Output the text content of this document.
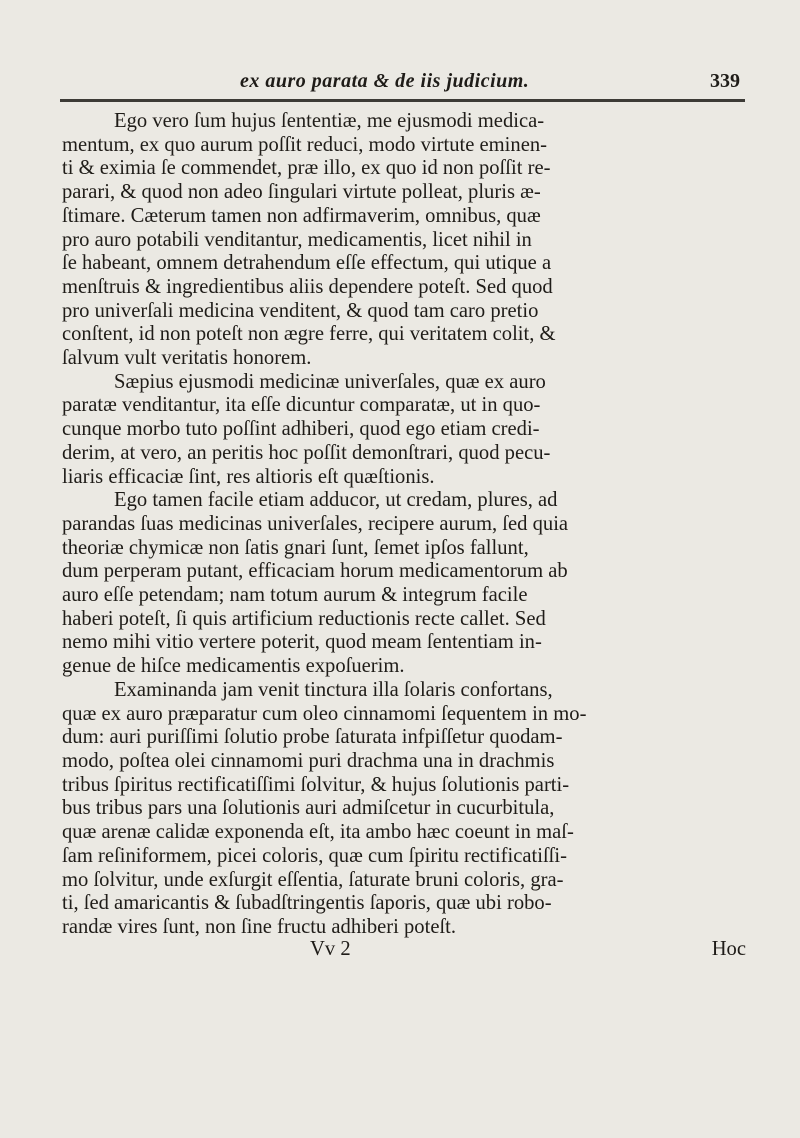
ex auro parata & de iis judicium.	339
Ego vero ſum hujus ſententiæ, me ejusmodi medica-
mentum, ex quo aurum poſſit reduci, modo virtute eminen-
ti & eximia ſe commendet, præ illo, ex quo id non poſſit re-
parari, & quod non adeo ſingulari virtute polleat, pluris æ-
ſtimare. Cæterum tamen non adfirmaverim, omnibus, quæ
pro auro potabili venditantur, medicamentis, licet nihil in
ſe habeant, omnem detrahendum eſſe effectum, qui utique a
menſtruis & ingredientibus aliis dependere poteſt. Sed quod
pro univerſali medicina venditent, & quod tam caro pretio
conſtent, id non poteſt non ægre ferre, qui veritatem colit, &
ſalvum vult veritatis honorem.
Sæpius ejusmodi medicinæ univerſales, quæ ex auro
paratæ venditantur, ita eſſe dicuntur comparatæ, ut in quo-
cunque morbo tuto poſſint adhiberi, quod ego etiam credi-
derim, at vero, an peritis hoc poſſit demonſtrari, quod pecu-
liaris efficaciæ ſint, res altioris eſt quæſtionis.
Ego tamen facile etiam adducor, ut credam, plures, ad
parandas ſuas medicinas univerſales, recipere aurum, ſed quia
theoriæ chymicæ non ſatis gnari ſunt, ſemet ipſos fallunt,
dum perperam putant, efficaciam horum medicamentorum ab
auro eſſe petendam; nam totum aurum & integrum facile
haberi poteſt, ſi quis artificium reductionis recte callet. Sed
nemo mihi vitio vertere poterit, quod meam ſententiam in-
genue de hiſce medicamentis expoſuerim.
Examinanda jam venit tinctura illa ſolaris confortans,
quæ ex auro præparatur cum oleo cinnamomi ſequentem in mo-
dum: auri puriſſimi ſolutio probe ſaturata infpiſſetur quodam-
modo, poſtea olei cinnamomi puri drachma una in drachmis
tribus ſpiritus rectificatiſſimi ſolvitur, & hujus ſolutionis parti-
bus tribus pars una ſolutionis auri admiſcetur in cucurbitula,
quæ arenæ calidæ exponenda eſt, ita ambo hæc coeunt in maſ-
ſam reſiniformem, picei coloris, quæ cum ſpiritu rectificatiſſi-
mo ſolvitur, unde exſurgit eſſentia, ſaturate bruni coloris, gra-
ti, ſed amaricantis & ſubadſtringentis ſaporis, quæ ubi robo-
randæ vires ſunt, non ſine fructu adhiberi poteſt.
Vv 2	Hoc
